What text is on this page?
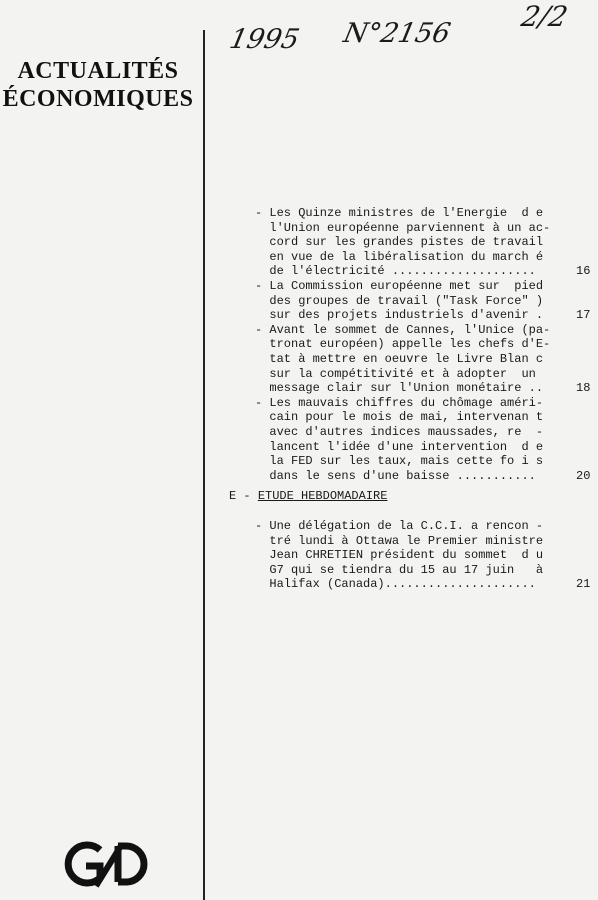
ACTUALITÉS
ÉCONOMIQUES
1995 N°2156
2/2
- Les Quinze ministres de l'Energie  d e
l'Union européenne parviennent à un ac-
cord sur les grandes pistes de travail
en vue de la libéralisation du march é
de l'électricité ....................	16
- La Commission européenne met sur  pied
des groupes de travail ("Task Force" )
sur des projets industriels d'avenir .	17
- Avant le sommet de Cannes, l'Unice (pa-
tronat européen) appelle les chefs d'E-
tat à mettre en oeuvre le Livre Blan c
sur la compétitivité et à adopter  un
message clair sur l'Union monétaire ..	18
- Les mauvais chiffres du chômage améri-
cain pour le mois de mai, intervenan t
avec d'autres indices maussades, re  -
lancent l'idée d'une intervention  d e
la FED sur les taux, mais cette fo i s
dans le sens d'une baisse ...........	20
- Une délégation de la C.C.I. a rencon -
tré lundi à Ottawa le Premier ministre
Jean CHRETIEN président du sommet  d u
G7 qui se tiendra du 15 au 17 juin   à
Halifax (Canada).....................	21
E - ETUDE HEBDOMADAIRE
